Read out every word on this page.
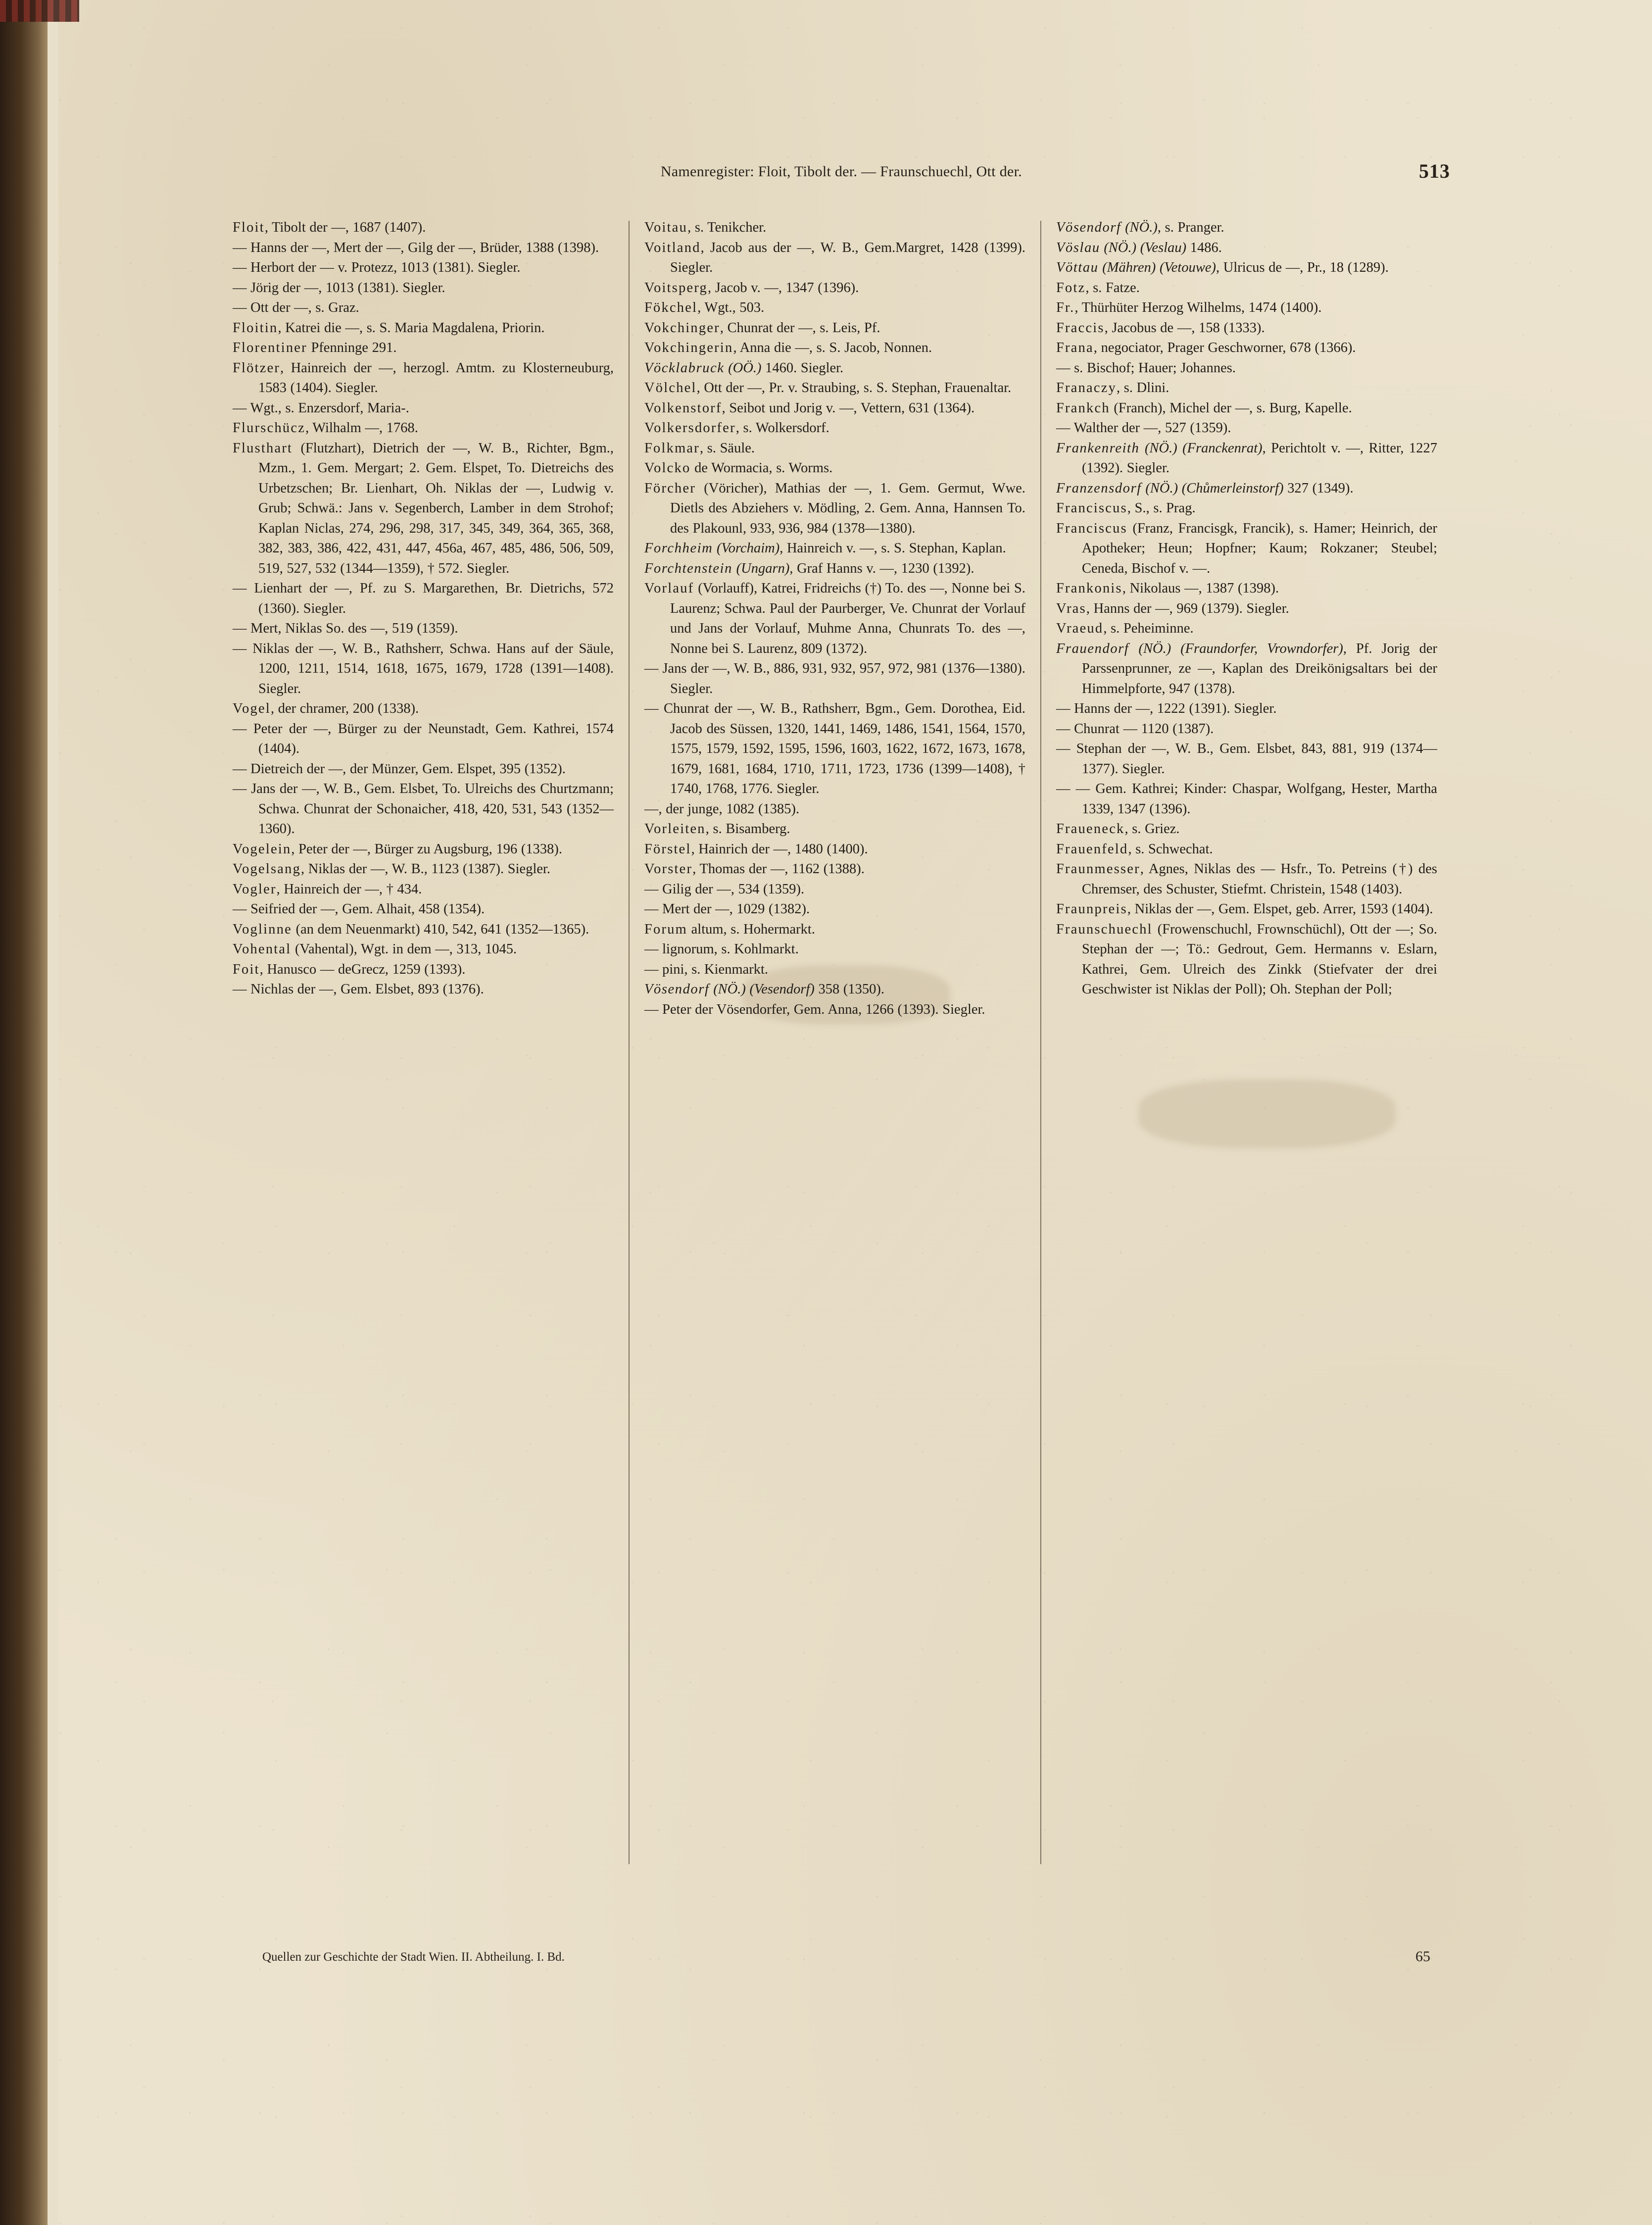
Namenregister: Floit, Tibolt der. — Fraunschuechl, Ott der.	513

Floit, Tibolt der —, 1687 (1407).

— Hanns der —, Mert der —, Gilg der —, Brüder, 1388 (1398).

— Herbort der — v. Protezz, 1013 (1381). Siegler.

— Jörig der —, 1013 (1381). Siegler.

— Ott der —, s. Graz.

Floitin, Katrei die —, s. S. Maria Magdalena, Priorin.

Florentiner Pfenninge 291.

Flötzer, Hainreich der —, herzogl. Amtm. zu Klosterneuburg, 1583 (1404). Siegler.

— Wgt., s. Enzersdorf, Maria-.

Flurschücz, Wilhalm —, 1768.

Flusthart (Flutzhart), Dietrich der —, W. B., Richter, Bgm., Mzm., 1. Gem. Mergart; 2. Gem. Elspet, To. Dietreichs des Urbetzschen; Br. Lienhart, Oh. Niklas der —, Ludwig v. Grub; Schwä.: Jans v. Segenberch, Lamber in dem Strohof; Kaplan Niclas, 274, 296, 298, 317, 345, 349, 364, 365, 368, 382, 383, 386, 422, 431, 447, 456a, 467, 485, 486, 506, 509, 519, 527, 532 (1344—1359), † 572. Siegler.

— Lienhart der —, Pf. zu S. Margarethen, Br. Dietrichs, 572 (1360). Siegler.

— Mert, Niklas So. des —, 519 (1359).

— Niklas der —, W. B., Rathsherr, Schwa. Hans auf der Säule, 1200, 1211, 1514, 1618, 1675, 1679, 1728 (1391—1408). Siegler.

Vogel, der chramer, 200 (1338).

— Peter der —, Bürger zu der Neunstadt, Gem. Kathrei, 1574 (1404).

— Dietreich der —, der Münzer, Gem. Elspet, 395 (1352).

— Jans der —, W. B., Gem. Elsbet, To. Ulreichs des Churtzmann; Schwa. Chunrat der Schonaicher, 418, 420, 531, 543 (1352—1360).

Vogelein, Peter der —, Bürger zu Augsburg, 196 (1338).

Vogelsang, Niklas der —, W. B., 1123 (1387). Siegler.

Vogler, Hainreich der —, † 434.

— Seifried der —, Gem. Alhait, 458 (1354).

Voglinne (an dem Neuenmarkt) 410, 542, 641 (1352—1365).

Vohental (Vahental), Wgt. in dem —, 313, 1045.

Foit, Hanusco — deGrecz, 1259 (1393).

— Nichlas der —, Gem. Elsbet, 893 (1376).

Voitau, s. Tenikcher.

Voitland, Jacob aus der —, W. B., Gem.Margret, 1428 (1399). Siegler.

Voitsperg, Jacob v. —, 1347 (1396).

Fökchel, Wgt., 503.

Vokchinger, Chunrat der —, s. Leis, Pf.

Vokchingerin, Anna die —, s. S. Jacob, Nonnen.

Vöcklabruck (OÖ.) 1460. Siegler.

Völchel, Ott der —, Pr. v. Straubing, s. S. Stephan, Frauenaltar.

Volkenstorf, Seibot und Jorig v. —, Vettern, 631 (1364).

Volkersdorfer, s. Wolkersdorf.

Folkmar, s. Säule.

Volcko de Wormacia, s. Worms.

Förcher (Vöricher), Mathias der —, 1. Gem. Germut, Wwe. Dietls des Abziehers v. Mödling, 2. Gem. Anna, Hannsen To. des Plakounl, 933, 936, 984 (1378—1380).

Forchheim (Vorchaim), Hainreich v. —, s. S. Stephan, Kaplan.

Forchtenstein (Ungarn), Graf Hanns v. —, 1230 (1392).

Vorlauf (Vorlauff), Katrei, Fridreichs (†) To. des —, Nonne bei S. Laurenz; Schwa. Paul der Paurberger, Ve. Chunrat der Vorlauf und Jans der Vorlauf, Muhme Anna, Chunrats To. des —, Nonne bei S. Laurenz, 809 (1372).

— Jans der —, W. B., 886, 931, 932, 957, 972, 981 (1376—1380). Siegler.

— Chunrat der —, W. B., Rathsherr, Bgm., Gem. Dorothea, Eid. Jacob des Süssen, 1320, 1441, 1469, 1486, 1541, 1564, 1570, 1575, 1579, 1592, 1595, 1596, 1603, 1622, 1672, 1673, 1678, 1679, 1681, 1684, 1710, 1711, 1723, 1736 (1399—1408), † 1740, 1768, 1776. Siegler.

—, der junge, 1082 (1385).

Vorleiten, s. Bisamberg.

Förstel, Hainrich der —, 1480 (1400).

Vorster, Thomas der —, 1162 (1388).

— Gilig der —, 534 (1359).

— Mert der —, 1029 (1382).

Forum altum, s. Hohermarkt.

— lignorum, s. Kohlmarkt.

— pini, s. Kienmarkt.

Vösendorf (NÖ.) (Vesendorf) 358 (1350).

— Peter der Vösendorfer, Gem. Anna, 1266 (1393). Siegler.

Vösendorf (NÖ.), s. Pranger.

Vöslau (NÖ.) (Veslau) 1486.

Vöttau (Mähren) (Vetouwe), Ulricus de —, Pr., 18 (1289).

Fotz, s. Fatze.

Fr., Thürhüter Herzog Wilhelms, 1474 (1400).

Fraccis, Jacobus de —, 158 (1333).

Frana, negociator, Prager Geschworner, 678 (1366).

— s. Bischof; Hauer; Johannes.

Franaczy, s. Dlini.

Frankch (Franch), Michel der —, s. Burg, Kapelle.

— Walther der —, 527 (1359).

Frankenreith (NÖ.) (Franckenrat), Perichtolt v. —, Ritter, 1227 (1392). Siegler.

Franzensdorf (NÖ.) (Chůmerleinstorf) 327 (1349).

Franciscus, S., s. Prag.

Franciscus (Franz, Francisgk, Francik), s. Hamer; Heinrich, der Apotheker; Heun; Hopfner; Kaum; Rokzaner; Steubel; Ceneda, Bischof v. —.

Frankonis, Nikolaus —, 1387 (1398).

Vras, Hanns der —, 969 (1379). Siegler.

Vraeud, s. Peheiminne.

Frauendorf (NÖ.) (Fraundorfer, Vrowndorfer), Pf. Jorig der Parssenprunner, ze —, Kaplan des Dreikönigsaltars bei der Himmelpforte, 947 (1378).

— Hanns der —, 1222 (1391). Siegler.

— Chunrat — 1120 (1387).

— Stephan der —, W. B., Gem. Elsbet, 843, 881, 919 (1374—1377). Siegler.

— — Gem. Kathrei; Kinder: Chaspar, Wolfgang, Hester, Martha 1339, 1347 (1396).

Fraueneck, s. Griez.

Frauenfeld, s. Schwechat.

Fraunmesser, Agnes, Niklas des — Hsfr., To. Petreins (†) des Chremser, des Schuster, Stiefmt. Christein, 1548 (1403).

Fraunpreis, Niklas der —, Gem. Elspet, geb. Arrer, 1593 (1404).

Fraunschuechl (Frowenschuchl, Frownschüchl), Ott der —; So. Stephan der —; Tö.: Gedrout, Gem. Hermanns v. Eslarn, Kathrei, Gem. Ulreich des Zinkk (Stiefvater der drei Geschwister ist Niklas der Poll); Oh. Stephan der Poll;

Quellen zur Geschichte der Stadt Wien. II. Abtheilung. I. Bd.	65
